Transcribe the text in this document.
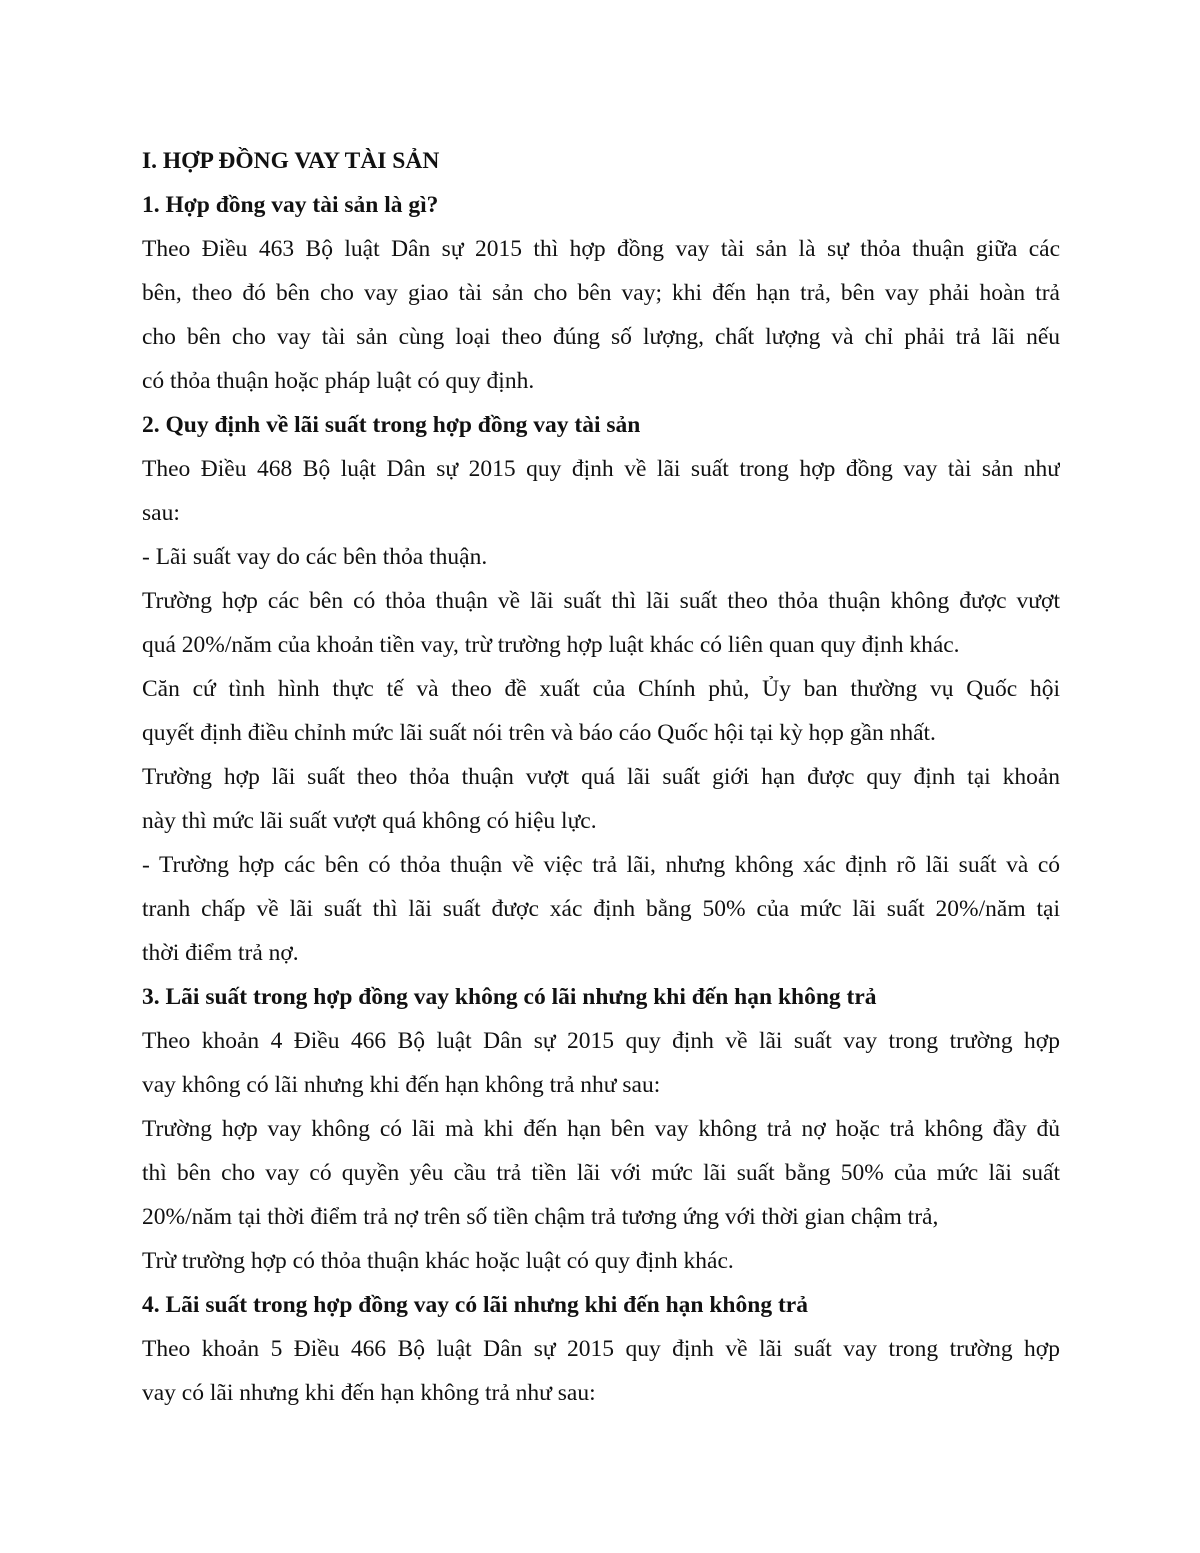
I. HỢP ĐỒNG VAY TÀI SẢN
1. Hợp đồng vay tài sản là gì?
Theo Điều 463 Bộ luật Dân sự 2015 thì hợp đồng vay tài sản là sự thỏa thuận giữa các
bên, theo đó bên cho vay giao tài sản cho bên vay; khi đến hạn trả, bên vay phải hoàn trả
cho bên cho vay tài sản cùng loại theo đúng số lượng, chất lượng và chỉ phải trả lãi nếu
có thỏa thuận hoặc pháp luật có quy định.
2. Quy định về lãi suất trong hợp đồng vay tài sản
Theo Điều 468 Bộ luật Dân sự 2015 quy định về lãi suất trong hợp đồng vay tài sản như
sau:
- Lãi suất vay do các bên thỏa thuận.
Trường hợp các bên có thỏa thuận về lãi suất thì lãi suất theo thỏa thuận không được vượt
quá 20%/năm của khoản tiền vay, trừ trường hợp luật khác có liên quan quy định khác.
Căn cứ tình hình thực tế và theo đề xuất của Chính phủ, Ủy ban thường vụ Quốc hội
quyết định điều chỉnh mức lãi suất nói trên và báo cáo Quốc hội tại kỳ họp gần nhất.
Trường hợp lãi suất theo thỏa thuận vượt quá lãi suất giới hạn được quy định tại khoản
này thì mức lãi suất vượt quá không có hiệu lực.
- Trường hợp các bên có thỏa thuận về việc trả lãi, nhưng không xác định rõ lãi suất và có
tranh chấp về lãi suất thì lãi suất được xác định bằng 50% của mức lãi suất 20%/năm tại
thời điểm trả nợ.
3. Lãi suất trong hợp đồng vay không có lãi nhưng khi đến hạn không trả
Theo khoản 4 Điều 466 Bộ luật Dân sự 2015 quy định về lãi suất vay trong trường hợp
vay không có lãi nhưng khi đến hạn không trả như sau:
Trường hợp vay không có lãi mà khi đến hạn bên vay không trả nợ hoặc trả không đầy đủ
thì bên cho vay có quyền yêu cầu trả tiền lãi với mức lãi suất bằng 50% của mức lãi suất
20%/năm tại thời điểm trả nợ trên số tiền chậm trả tương ứng với thời gian chậm trả,
Trừ trường hợp có thỏa thuận khác hoặc luật có quy định khác.
4. Lãi suất trong hợp đồng vay có lãi nhưng khi đến hạn không trả
Theo khoản 5 Điều 466 Bộ luật Dân sự 2015 quy định về lãi suất vay trong trường hợp
vay có lãi nhưng khi đến hạn không trả như sau:
